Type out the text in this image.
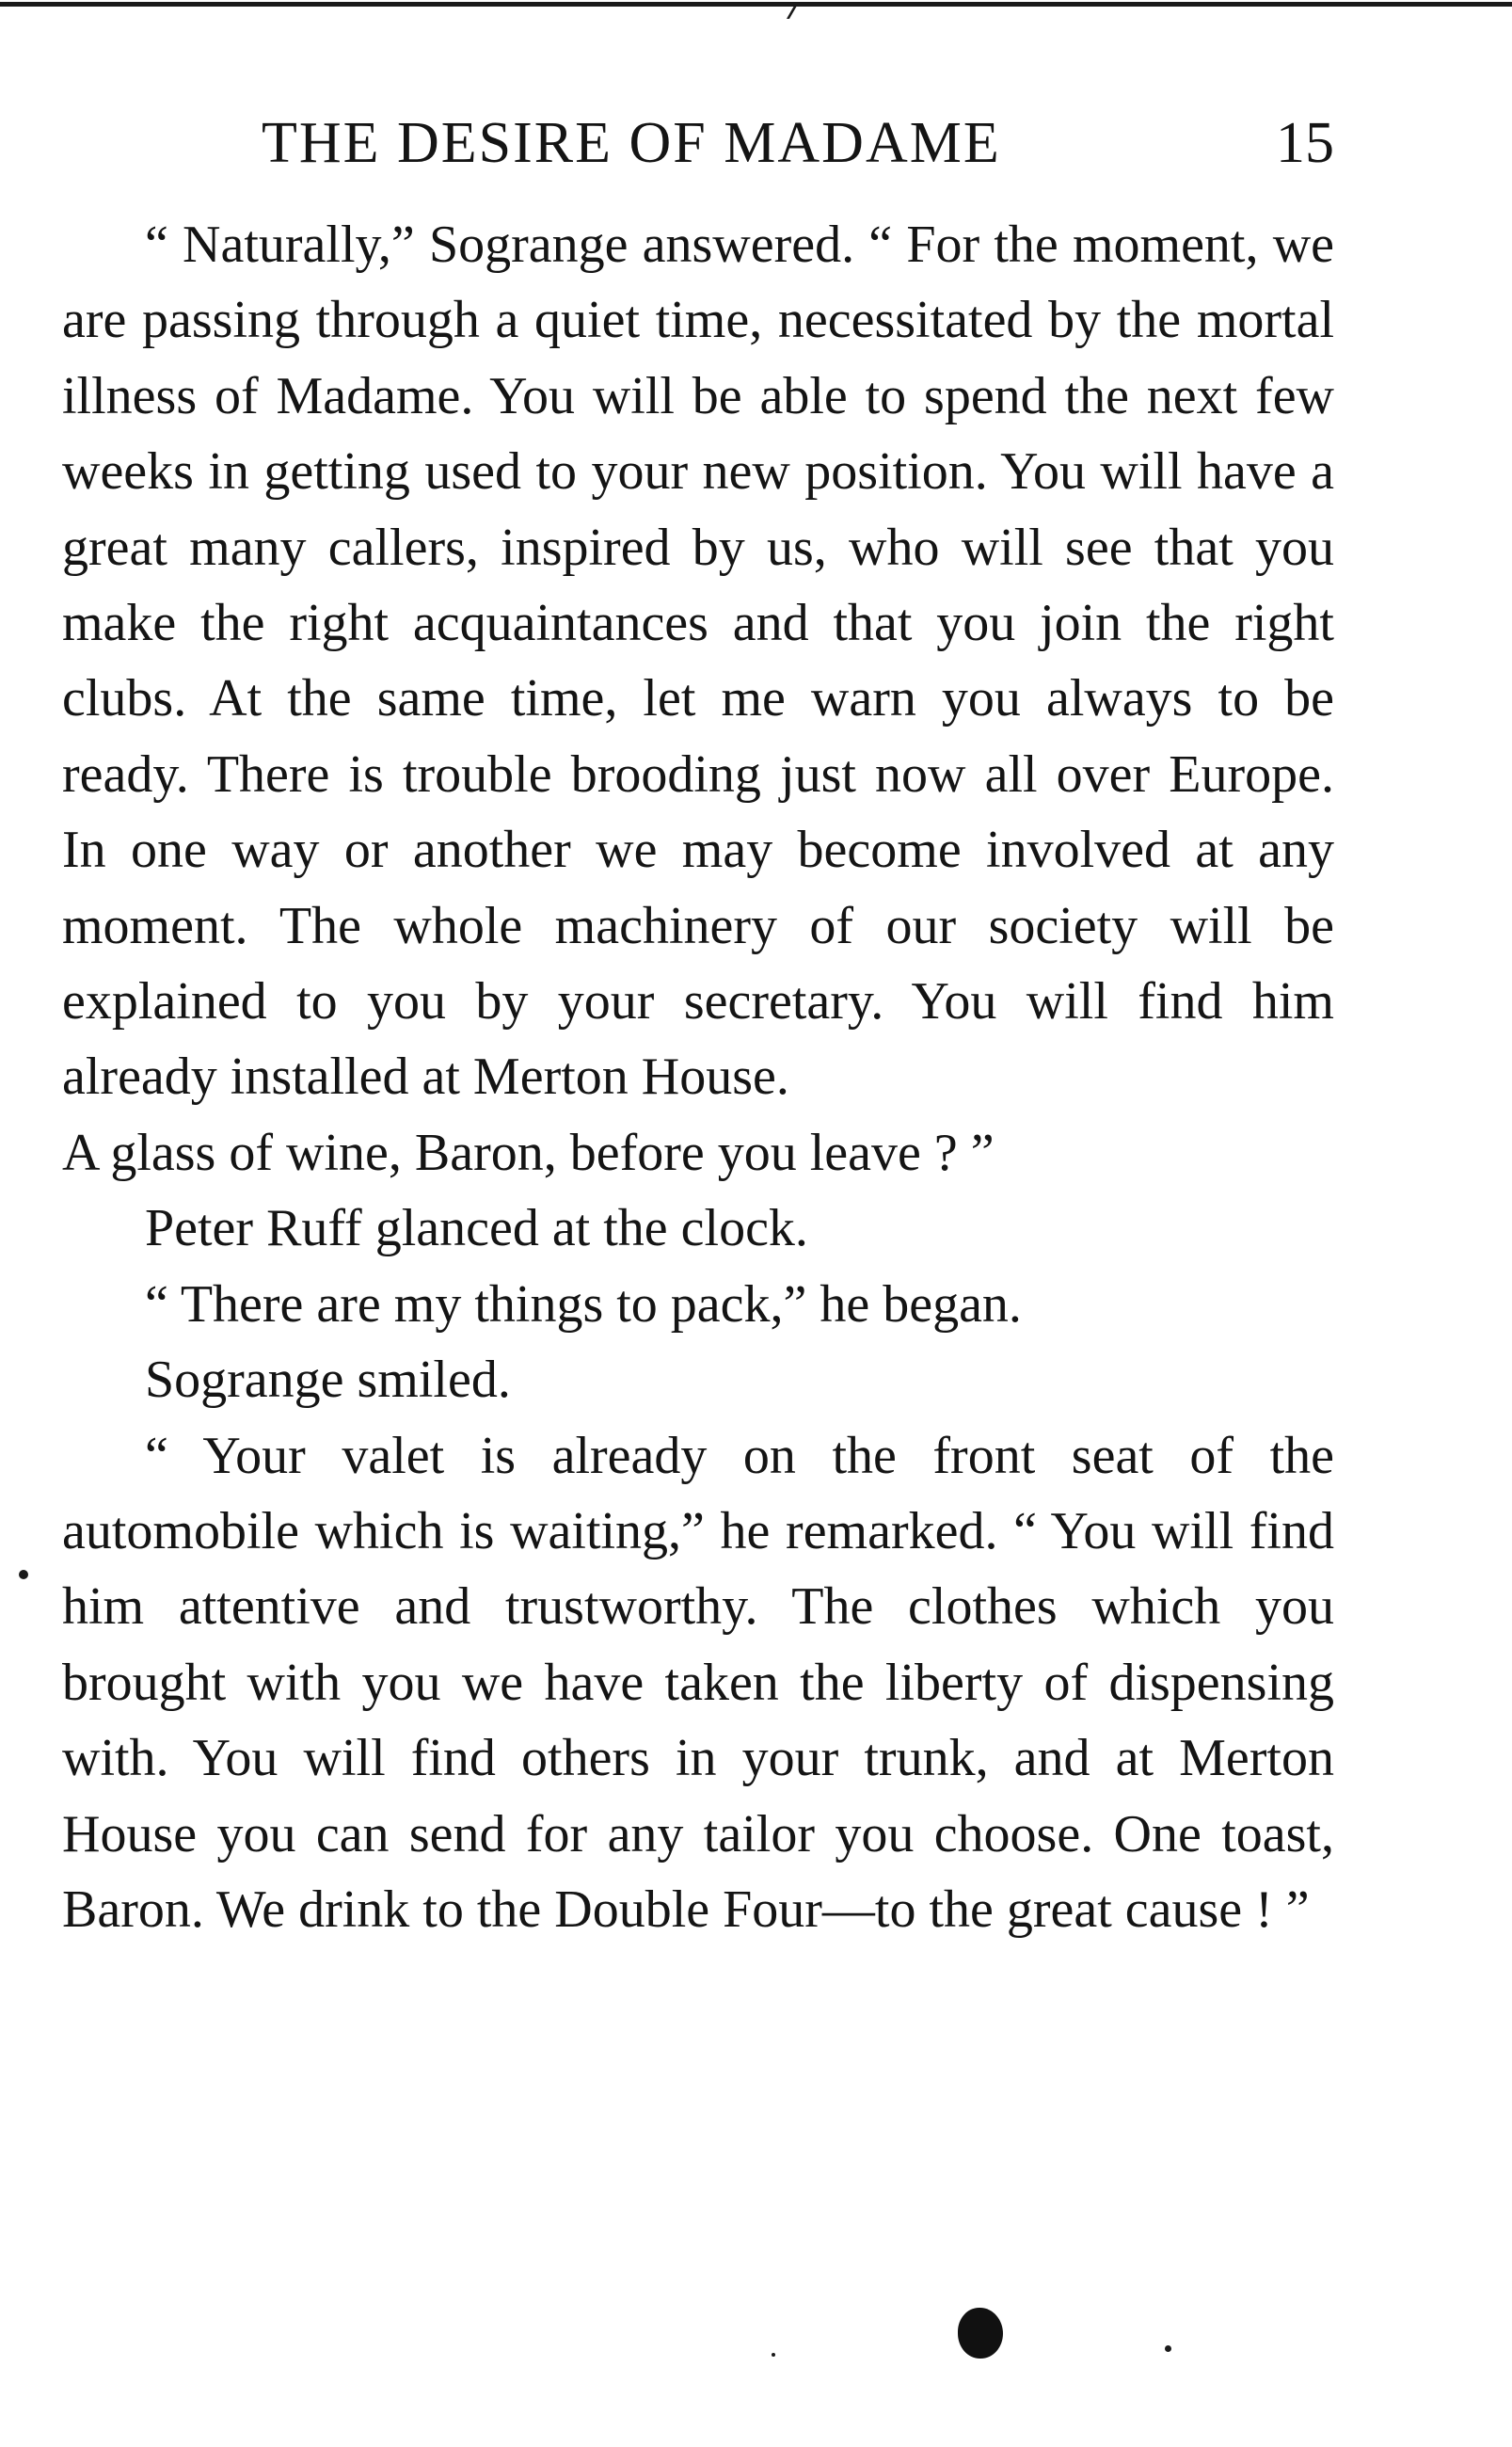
THE DESIRE OF MADAME	15

“ Naturally,” Sogrange answered. “ For the moment, we are passing through a quiet time, necessitated by the mortal illness of Madame. You will be able to spend the next few weeks in getting used to your new position. You will have a great many callers, inspired by us, who will see that you make the right acquaintances and that you join the right clubs. At the same time, let me warn you always to be ready. There is trouble brooding just now all over Europe. In one way or another we may become involved at any moment. The whole machinery of our society will be explained to you by your secretary. You will find him already installed at Merton House.

A glass of wine, Baron, before you leave ? ”

Peter Ruff glanced at the clock.

“ There are my things to pack,” he began.

Sogrange smiled.

“ Your valet is already on the front seat of the automobile which is waiting,” he remarked. “ You will find him attentive and trustworthy. The clothes which you brought with you we have taken the liberty of dispensing with. You will find others in your trunk, and at Merton House you can send for any tailor you choose. One toast, Baron. We drink to the Double Four—to the great cause ! ”
